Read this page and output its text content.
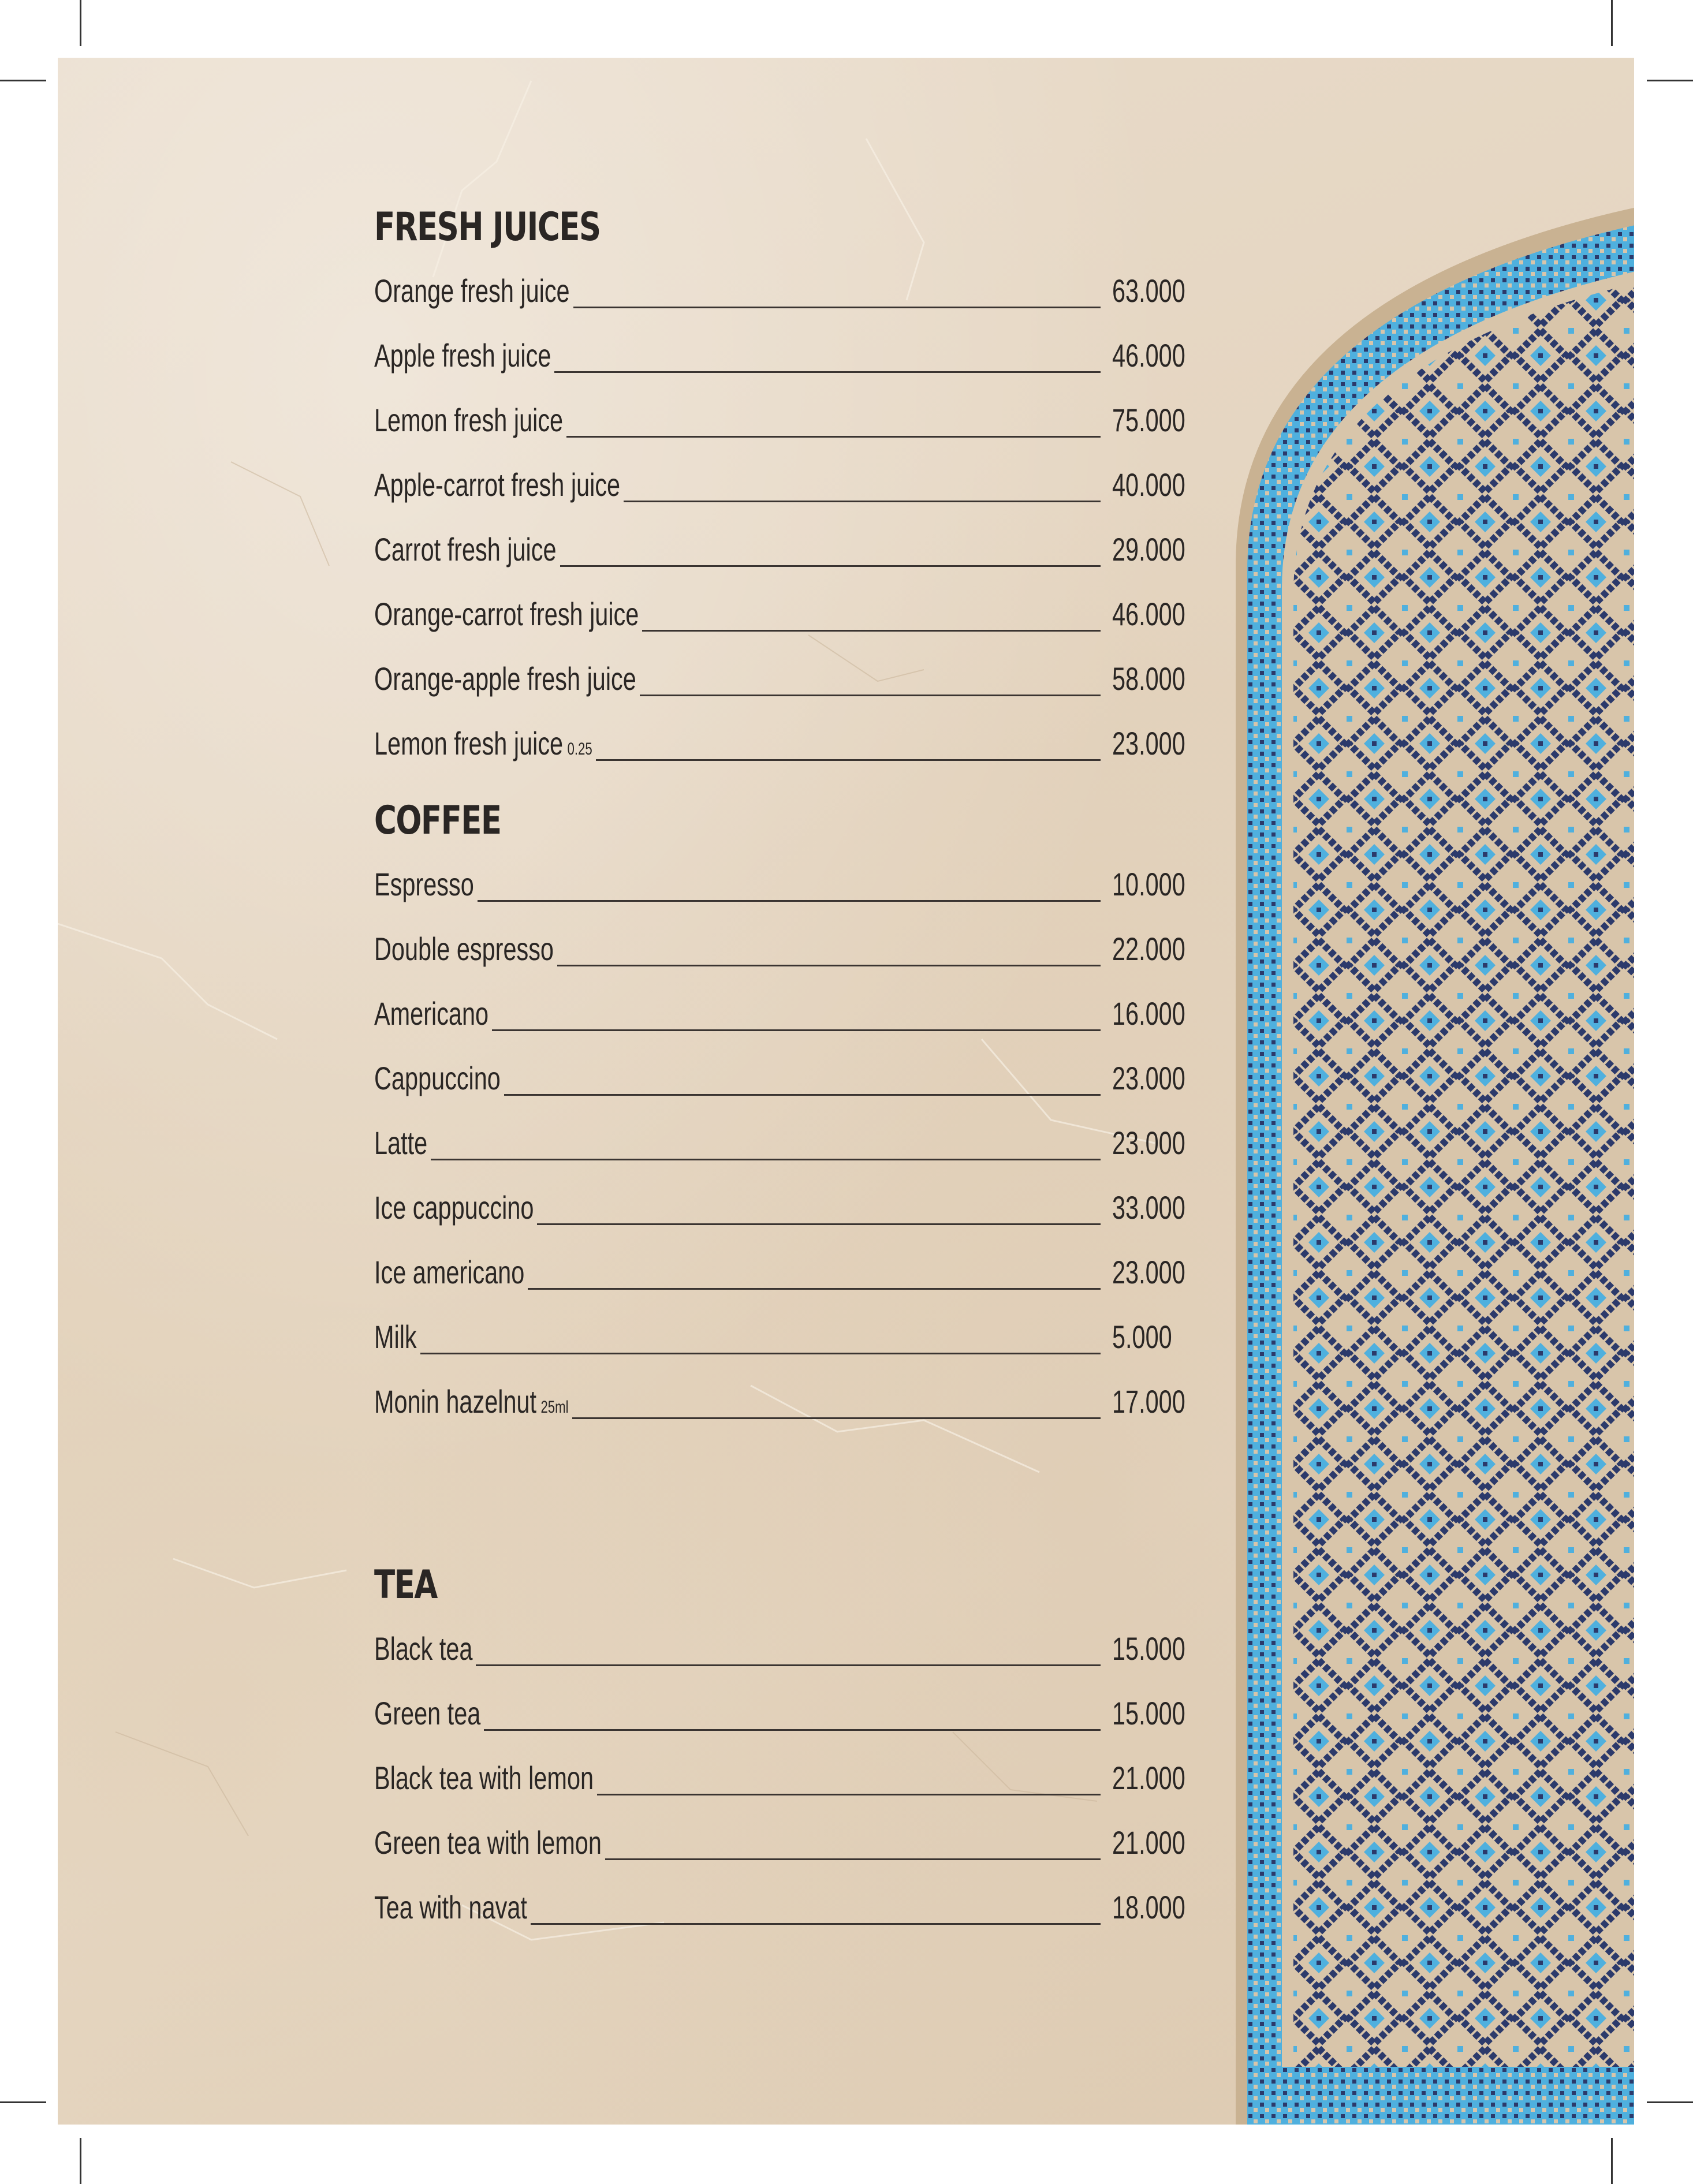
FRESH JUICES
Orange fresh juice	63.000
Apple fresh juice	46.000
Lemon fresh juice	75.000
Apple-carrot fresh juice	40.000
Carrot fresh juice	29.000
Orange-carrot fresh juice	46.000
Orange-apple fresh juice	58.000
Lemon fresh juice 0.25	23.000
COFFEE
Espresso	10.000
Double espresso	22.000
Americano	16.000
Cappuccino	23.000
Latte	23.000
Ice cappuccino	33.000
Ice americano	23.000
Milk	5.000
Monin hazelnut 25ml	17.000
TEA
Black tea	15.000
Green tea	15.000
Black tea with lemon	21.000
Green tea with lemon	21.000
Tea with navat	18.000
